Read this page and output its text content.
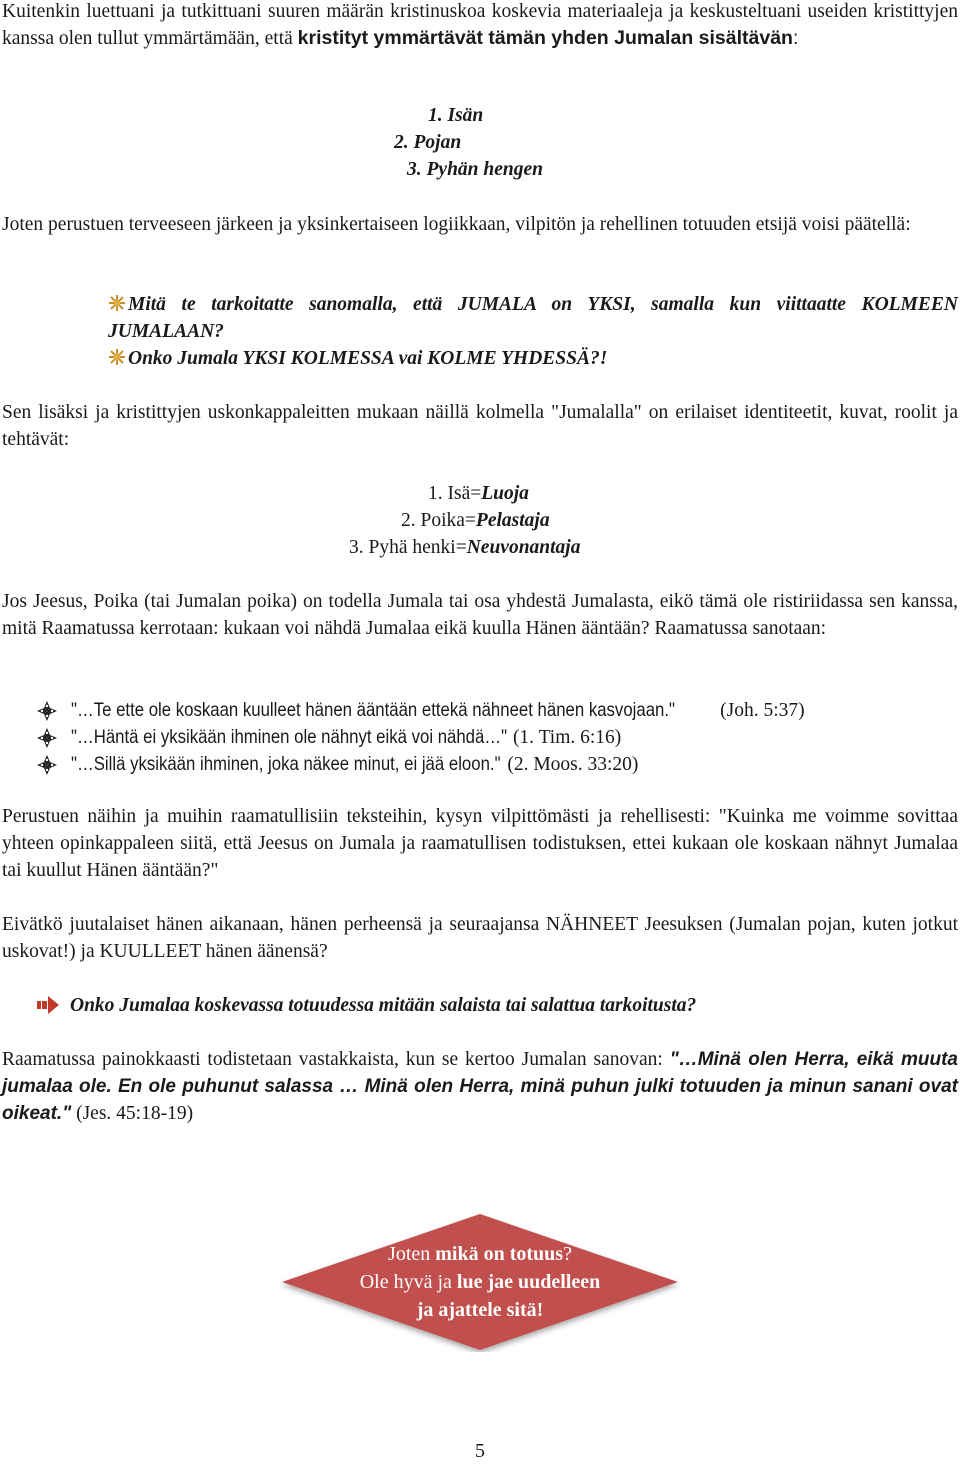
Kuitenkin luettuani ja tutkittuani suuren määrän kristinuskoa koskevia materiaaleja ja keskusteltuani useiden kristittyjen kanssa olen tullut ymmärtämään, että kristityt ymmärtävät tämän yhden Jumalan sisältävän:
1. Isän
2. Pojan
3. Pyhän hengen
Joten perustuen terveeseen järkeen ja yksinkertaiseen logiikkaan, vilpitön ja rehellinen totuuden etsijä voisi päätellä:
Mitä te tarkoitatte sanomalla, että JUMALA on YKSI, samalla kun viittaatte KOLMEEN JUMALAAN?
Onko Jumala YKSI KOLMESSA vai KOLME YHDESSÄ?!
Sen lisäksi ja kristittyjen uskonkappaleitten mukaan näillä kolmella "Jumalalla" on erilaiset identiteetit, kuvat, roolit ja tehtävät:
1. Isä=Luoja
2. Poika=Pelastaja
3. Pyhä henki=Neuvonantaja
Jos Jeesus, Poika (tai Jumalan poika) on todella Jumala tai osa yhdestä Jumalasta, eikö tämä ole ristiriidassa sen kanssa, mitä Raamatussa kerrotaan: kukaan voi nähdä Jumalaa eikä kuulla Hänen ääntään? Raamatussa sanotaan:
"…Te ette ole koskaan kuulleet hänen ääntään ettekä nähneet hänen kasvojaan." (Joh. 5:37)
"…Häntä ei yksikään ihminen ole nähnyt eikä voi nähdä…" (1. Tim. 6:16)
"…Sillä yksikään ihminen, joka näkee minut, ei jää eloon." (2. Moos. 33:20)
Perustuen näihin ja muihin raamatullisiin teksteihin, kysyn vilpittömästi ja rehellisesti: "Kuinka me voimme sovittaa yhteen opinkappaleen siitä, että Jeesus on Jumala ja raamatullisen todistuksen, ettei kukaan ole koskaan nähnyt Jumalaa tai kuullut Hänen ääntään?"
Eivätkö juutalaiset hänen aikanaan, hänen perheensä ja seuraajansa NÄHNEET Jeesuksen (Jumalan pojan, kuten jotkut uskovat!) ja KUULLEET hänen äänensä?
Onko Jumalaa koskevassa totuudessa mitään salaista tai salattua tarkoitusta?
Raamatussa painokkaasti todistetaan vastakkaista, kun se kertoo Jumalan sanovan: "…Minä olen Herra, eikä muuta jumalaa ole. En ole puhunut salassa … Minä olen Herra, minä puhun julki totuuden ja minun sanani ovat oikeat." (Jes. 45:18-19)
Joten mikä on totuus?
Ole hyvä ja lue jae uudelleen
ja ajattele sitä!
5
